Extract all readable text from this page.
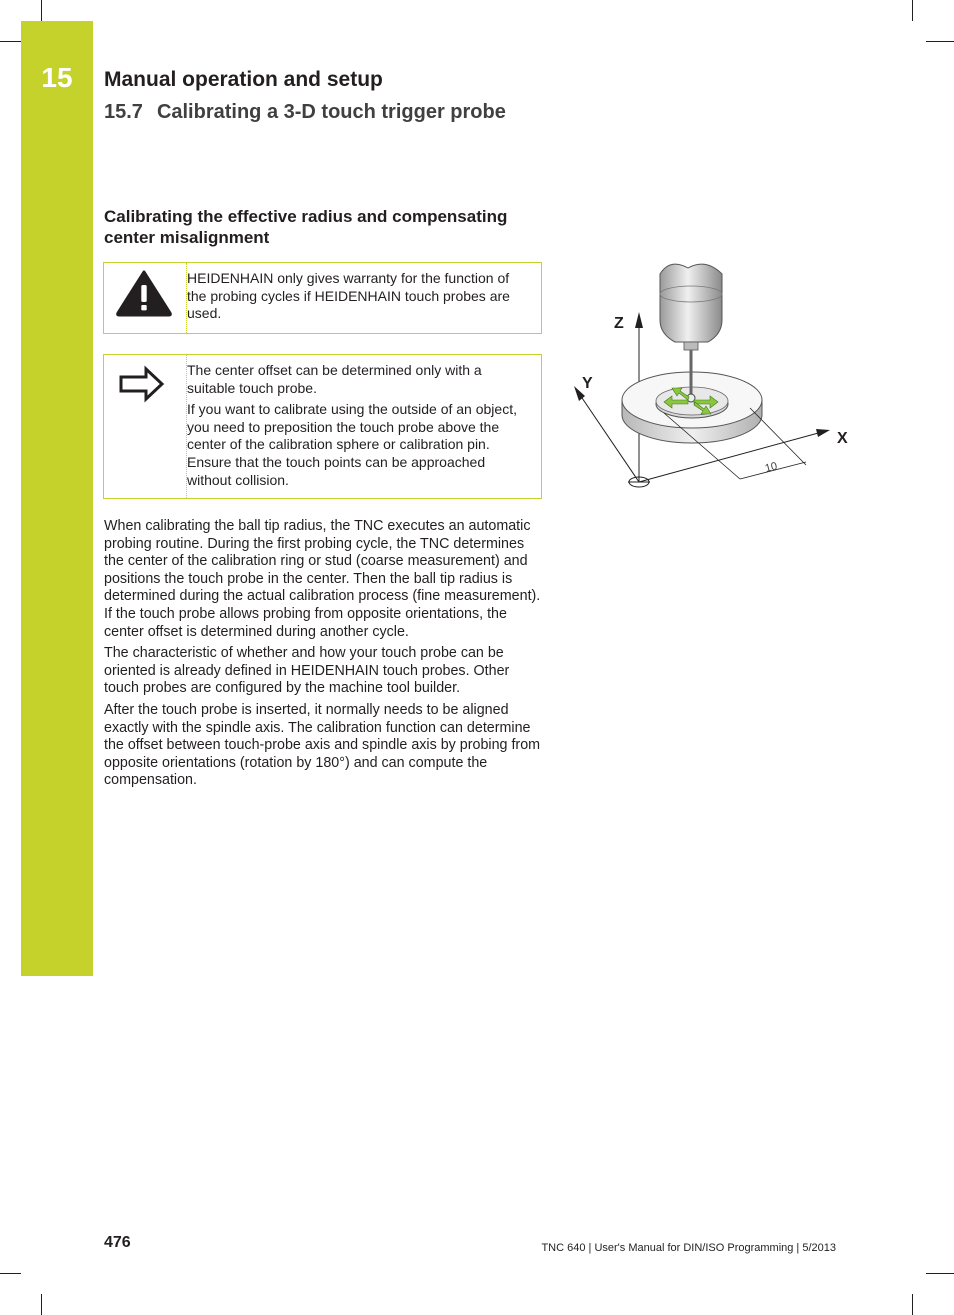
15	Manual operation and setup
15.7 Calibrating a 3-D touch trigger probe
Calibrating the effective radius and compensating center misalignment
HEIDENHAIN only gives warranty for the function of the probing cycles if HEIDENHAIN touch probes are used.

The center offset can be determined only with a suitable touch probe.

If you want to calibrate using the outside of an object, you need to preposition the touch probe above the center of the calibration sphere or calibration pin. Ensure that the touch points can be approached without collision.

When calibrating the ball tip radius, the TNC executes an automatic probing routine. During the first probing cycle, the TNC determines the center of the calibration ring or stud (coarse measurement) and positions the touch probe in the center. Then the ball tip radius is determined during the actual calibration process (fine measurement). If the touch probe allows probing from opposite orientations, the center offset is determined during another cycle.

The characteristic of whether and how your touch probe can be oriented is already defined in HEIDENHAIN touch probes. Other touch probes are configured by the machine tool builder.

After the touch probe is inserted, it normally needs to be aligned exactly with the spindle axis. The calibration function can determine the offset between touch-probe axis and spindle axis by probing from opposite orientations (rotation by 180°) and can compute the compensation.

10
Z
Y
X
476	TNC 640 | User's Manual for DIN/ISO Programming | 5/2013
